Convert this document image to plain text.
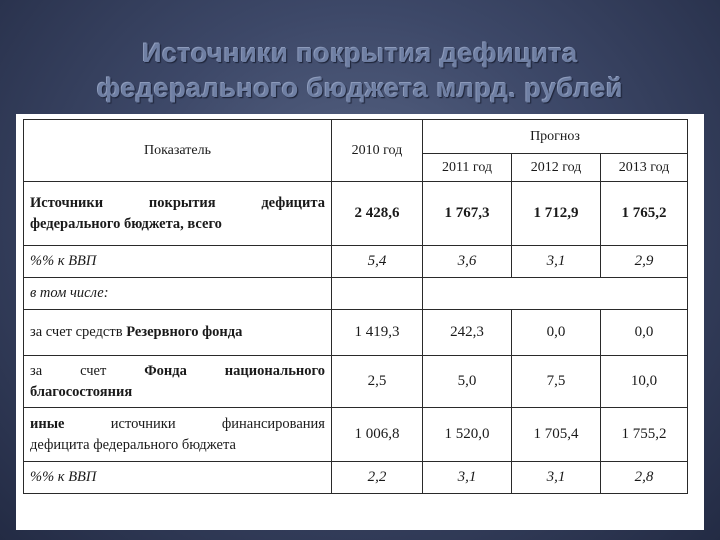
Источники покрытия дефицита
федерального бюджета млрд. рублей
Показатель	2010 год	Прогноз		
		2011 год	2012 год	2013 год

Источники покрытия дефицита
федерального бюджета, всего	2 428,6	1 767,3	1 712,9	1 765,2
%% к ВВП	5,4	3,6	3,1	2,9
в том числе:				
за счет средств Резервного фонда	1 419,3	242,3	0,0	0,0

за счет Фонда национального
благосостояния	2,5	5,0	7,5	10,0

иные источники финансирования
дефицита федерального бюджета	1 006,8	1 520,0	1 705,4	1 755,2
%% к ВВП	2,2	3,1	3,1	2,8
